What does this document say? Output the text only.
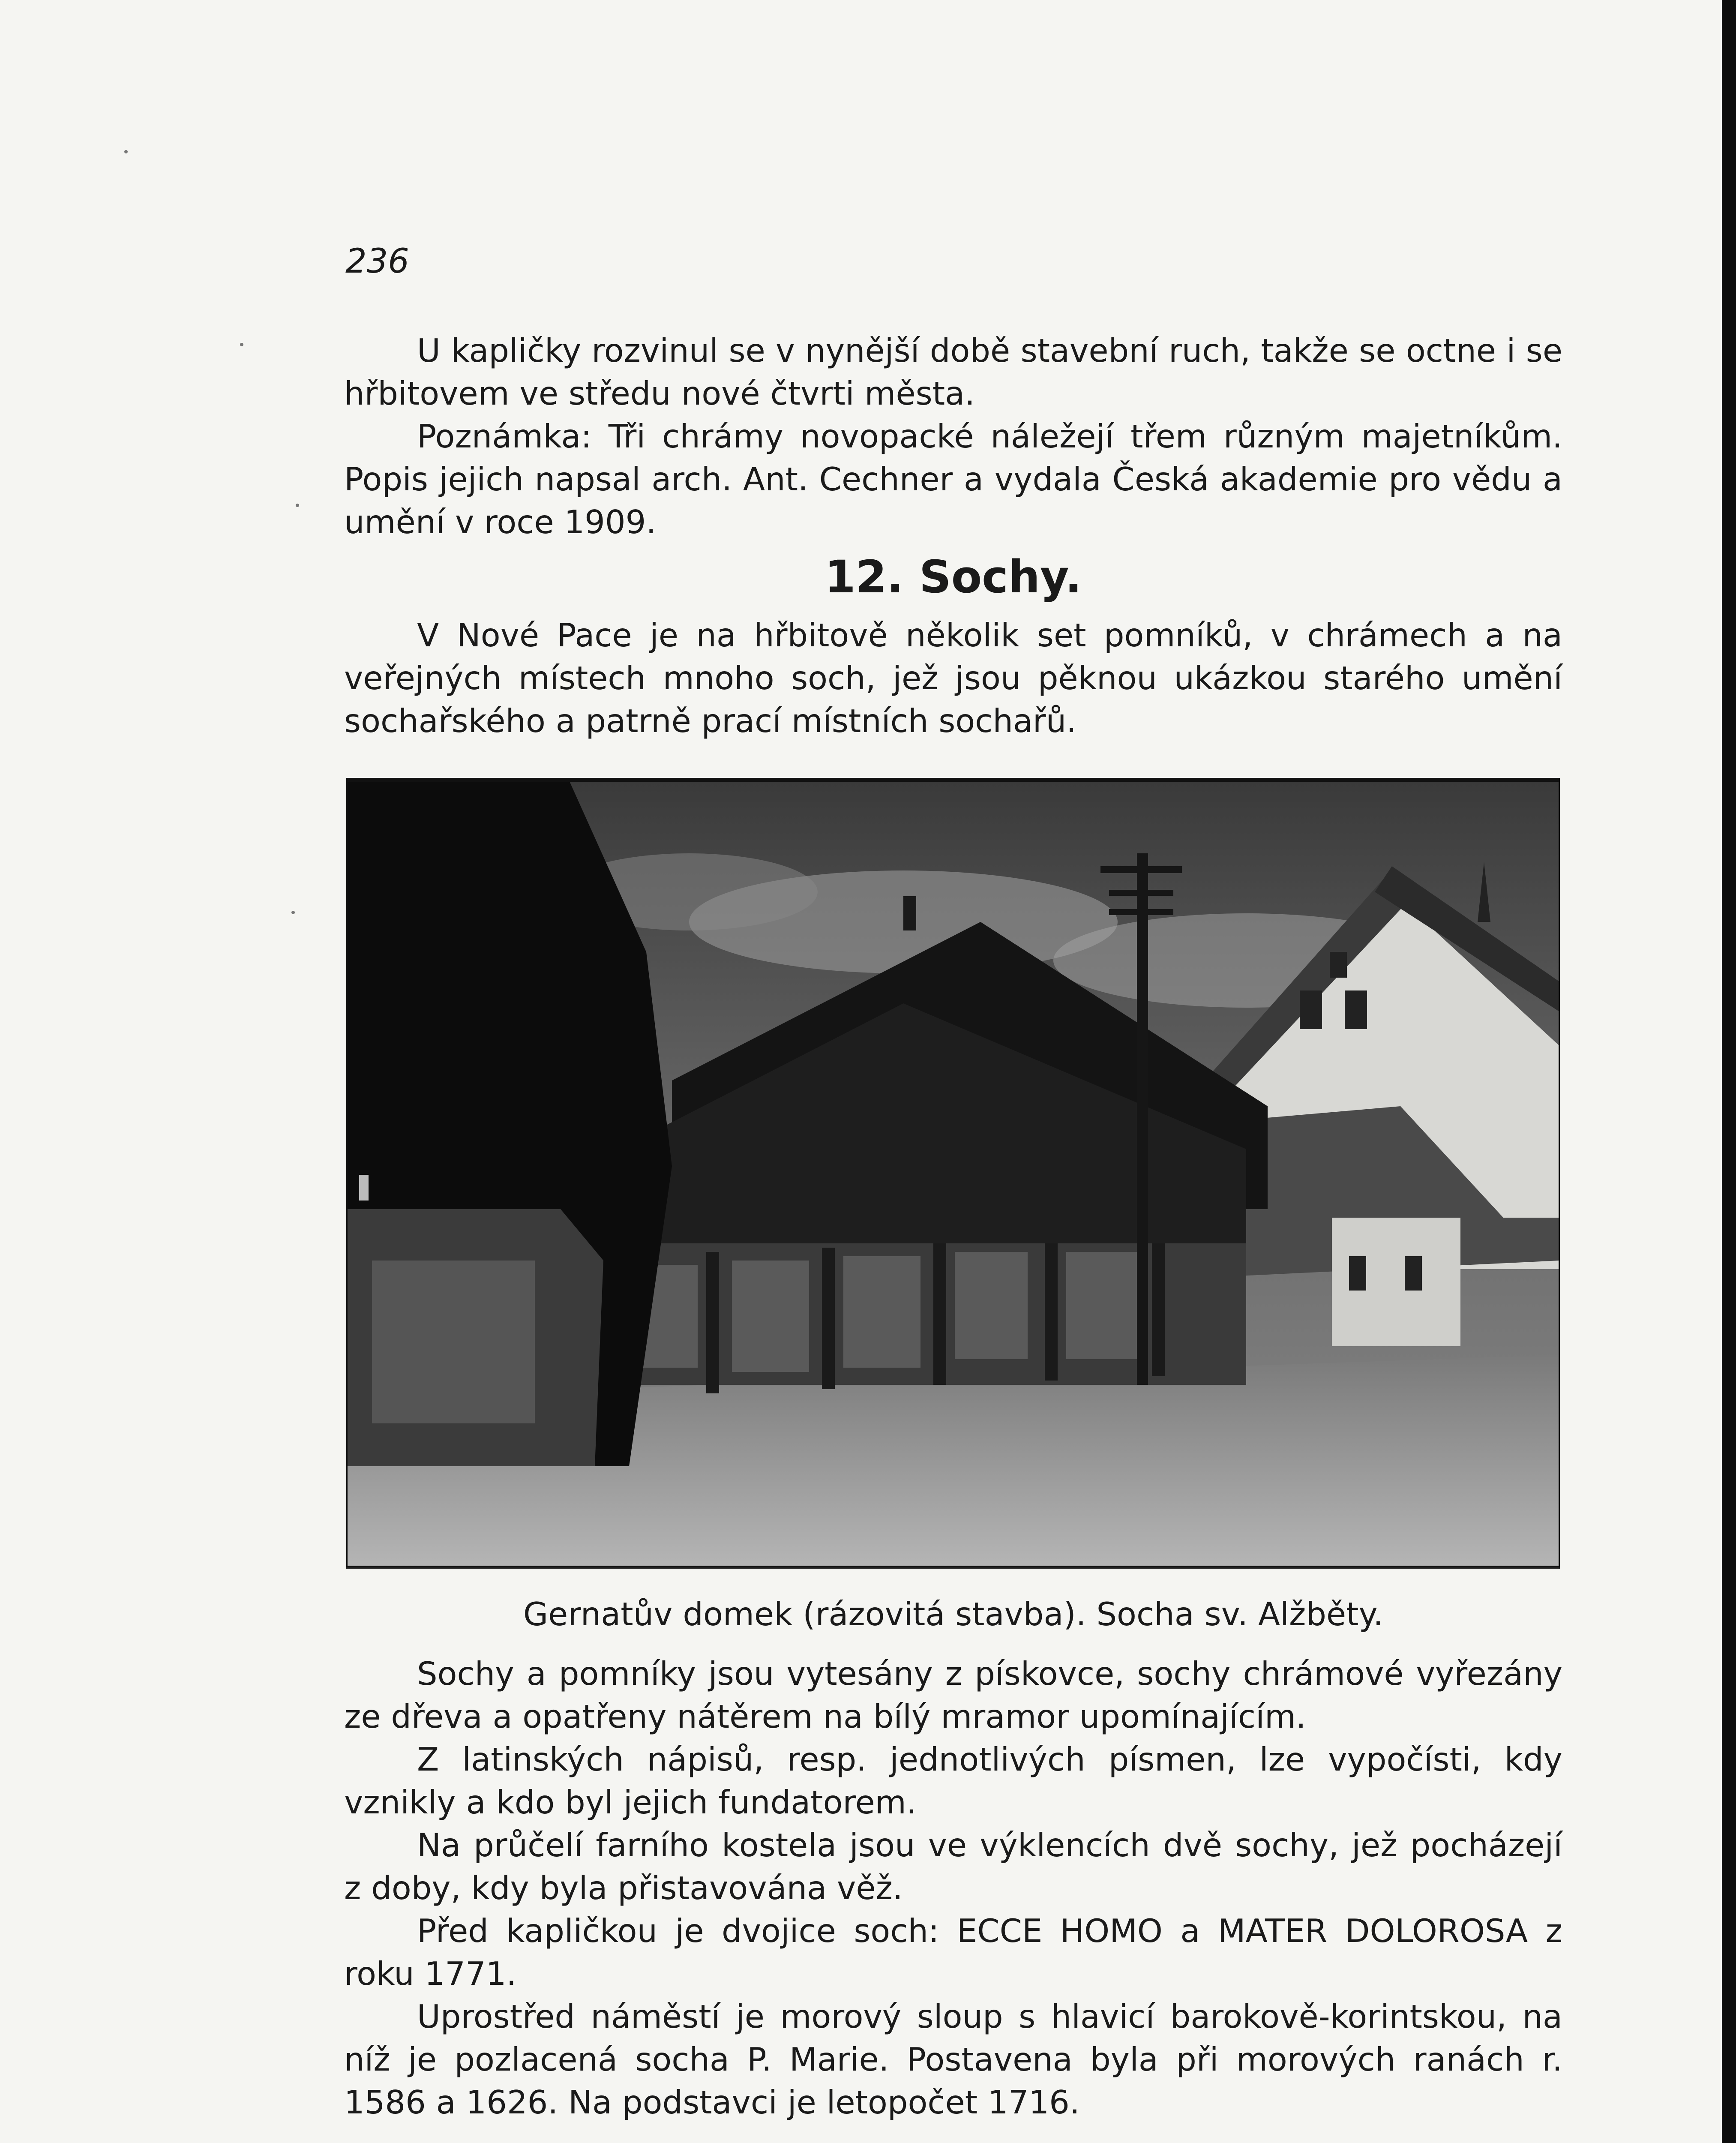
236

U kapličky rozvinul se v nynější době stavební ruch, takže se octne i se hřbitovem ve středu nové čtvrti města.

Poznámka: Tři chrámy novopacké náležejí třem různým majetníkům. Popis jejich napsal arch. Ant. Cechner a vydala Česká akademie pro vědu a umění v roce 1909.

12. Sochy.

V Nové Pace je na hřbitově několik set pomníků, v chrámech a na veřejných místech mnoho soch, jež jsou pěknou ukázkou starého umění sochařského a patrně prací místních sochařů.

Gernatův domek (rázovitá stavba). Socha sv. Alžběty.

Sochy a pomníky jsou vytesány z pískovce, sochy chrámové vyřezány ze dřeva a opatřeny nátěrem na bílý mramor upomínajícím.

Z latinských nápisů, resp. jednotlivých písmen, lze vypočísti, kdy vznikly a kdo byl jejich fundatorem.

Na průčelí farního kostela jsou ve výklencích dvě sochy, jež pocházejí z doby, kdy byla přistavována věž.

Před kapličkou je dvojice soch: ECCE HOMO a MATER DOLOROSA z roku 1771.

Uprostřed náměstí je morový sloup s hlavicí barokově-korintskou, na níž je pozlacená socha P. Marie. Postavena byla při morových ranách r. 1586 a 1626. Na podstavci je letopočet 1716.
